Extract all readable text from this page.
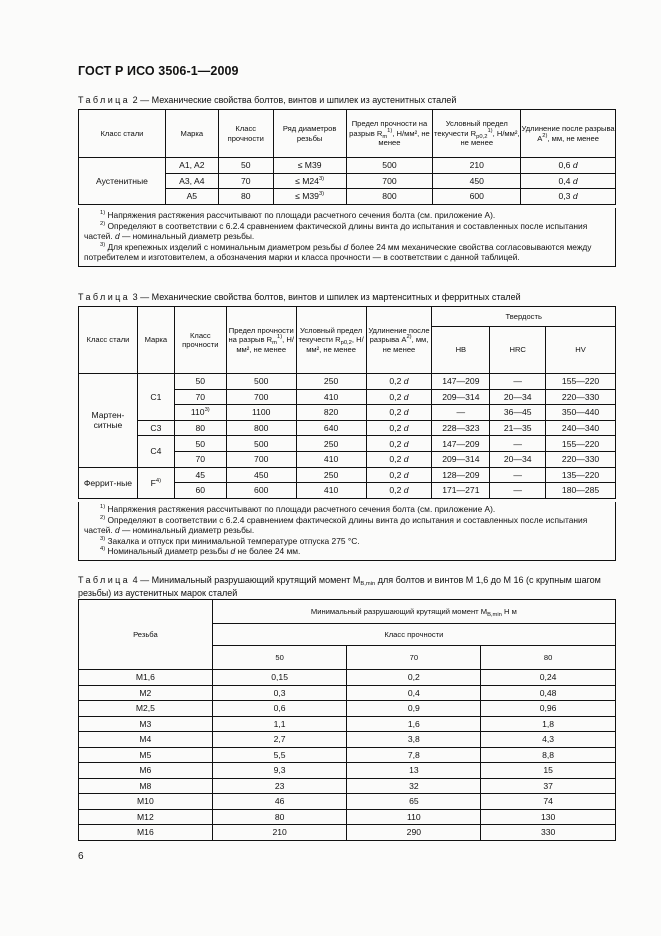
ГОСТ Р ИСО 3506-1—2009
Таблица 2 — Механические свойства болтов, винтов и шпилек из аустенитных сталей
Класс стали	Марка	Класс прочности	Ряд диаметров резьбы	Предел прочности на разрыв $R_m^{1)}$, Н/мм², не менее	Условный предел текучести $R_{p0,2}^{1)}$, Н/мм², не менее	Удлинение после разрыва $А^{2)}$, мм, не менее
Аустенитные	A1, A2	50	≤ M39	500	210	0,6 d
	A3, A4	70	≤ $M24^{3)}$	700	450	0,4 d
	A5	80	≤ $M39^{3)}$	800	600	0,3 d

$^{1)}$ Напряжения растяжения рассчитывают по площади расчетного сечения болта (см. приложение А).

$^{2)}$ Определяют в соответствии с 6.2.4 сравнением фактической длины винта до испытания и составленных после испытания частей. d — номинальный диаметр резьбы.

$^{3)}$ Для крепежных изделий с номинальным диаметром резьбы d более 24 мм механические свойства согласовываются между потребителем и изготовителем, а обозначения марки и класса прочности — в соответствии с данной таблицей.

Таблица 3 — Механические свойства болтов, винтов и шпилек из мартенситных и ферритных сталей
Класс стали	Марка	Класс прочности	Предел прочности на разрыв $R_m^{1)}$, Н/мм², не менее	Условный предел текучести $R_{p0,2}$, Н/мм², не менее	Удлинение после разрыва $А^{2)}$, мм, не менее	Твердость		
						HB	HRC	HV
Мартен-ситные	C1	50	500	250	0,2 d	147—209	—	155—220
		70	700	410	0,2 d	209—314	20—34	220—330
		110$^{3)}$	1100	820	0,2 d	—	36—45	350—440
	C3	80	800	640	0,2 d	228—323	21—35	240—340
	C4	50	500	250	0,2 d	147—209	—	155—220
		70	700	410	0,2 d	209—314	20—34	220—330
Феррит-ные	$F^{4)}$	45	450	250	0,2 d	128—209	—	135—220
		60	600	410	0,2 d	171—271	—	180—285

$^{1)}$ Напряжения растяжения рассчитывают по площади расчетного сечения болта (см. приложение А).

$^{2)}$ Определяют в соответствии с 6.2.4 сравнением фактической длины винта до испытания и составленных после испытания частей. d — номинальный диаметр резьбы.

$^{3)}$ Закалка и отпуск при минимальной температуре отпуска 275 °С.

$^{4)}$ Номинальный диаметр резьбы d не более 24 мм.

Таблица 4 — Минимальный разрушающий крутящий момент $M_{B,min}$ для болтов и винтов М 1,6 до М 16 (с крупным шагом резьбы) из аустенитных марок сталей
Резьба	Минимальный разрушающий крутящий момент $M_{B,min}$ Н м		
	Класс прочности		
	50	70	80
M1,6	0,15	0,2	0,24
M2	0,3	0,4	0,48
M2,5	0,6	0,9	0,96
M3	1,1	1,6	1,8
M4	2,7	3,8	4,3
M5	5,5	7,8	8,8
M6	9,3	13	15
M8	23	32	37
M10	46	65	74
M12	80	110	130
M16	210	290	330
6
